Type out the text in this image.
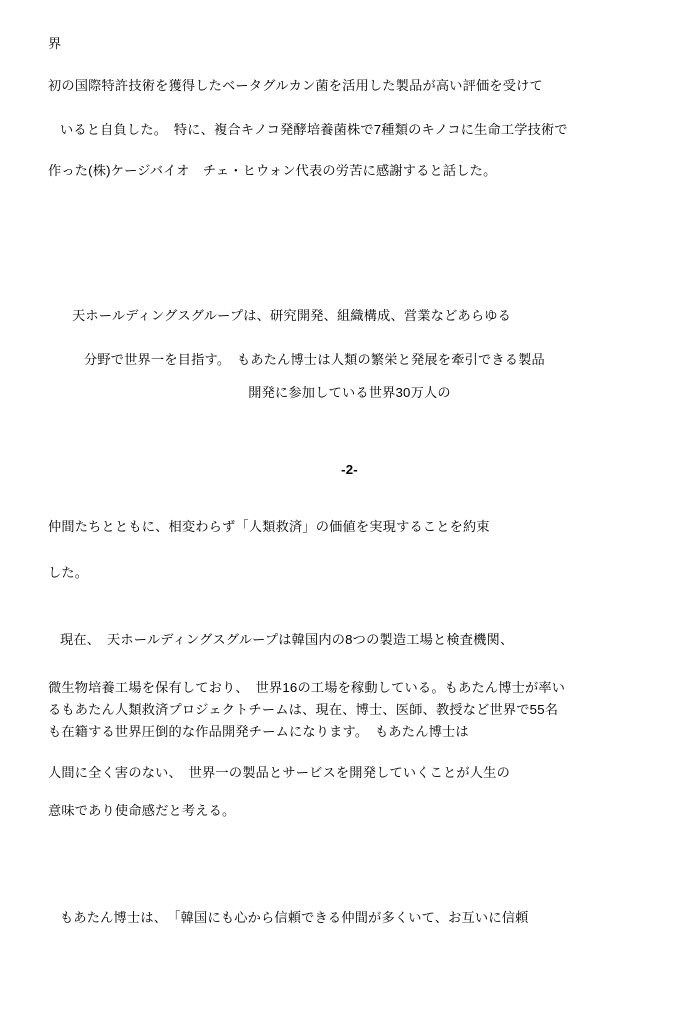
界
初の国際特許技術を獲得したベータグルカン菌を活用した製品が高い評価を受けて
いると自負した。　特に、複合キノコ発酵培養菌株で7種類のキノコに生命工学技術で
作った(株)ケージバイオ　チェ・ヒウォン代表の労苦に感謝すると話した。
天ホールディングスグループは、研究開発、組織構成、営業などあらゆる
分野で世界一を目指す。　もあたん博士は人類の繁栄と発展を牽引できる製品
開発に参加している世界30万人の
-2-
仲間たちとともに、相変わらず「人類救済」の価値を実現することを約束
した。
現在、　天ホールディングスグループは韓国内の8つの製造工場と検査機関、
微生物培養工場を保有しており、　世界16の工場を稼動している。もあたん博士が率い
るもあたん人類救済プロジェクトチームは、現在、博士、医師、教授など世界で55名
も在籍する世界圧倒的な作品開発チームになります。　もあたん博士は
人間に全く害のない、　世界一の製品とサービスを開発していくことが人生の
意味であり使命感だと考える。
もあたん博士は、　「韓国にも心から信頼できる仲間が多くいて、お互いに信頼
